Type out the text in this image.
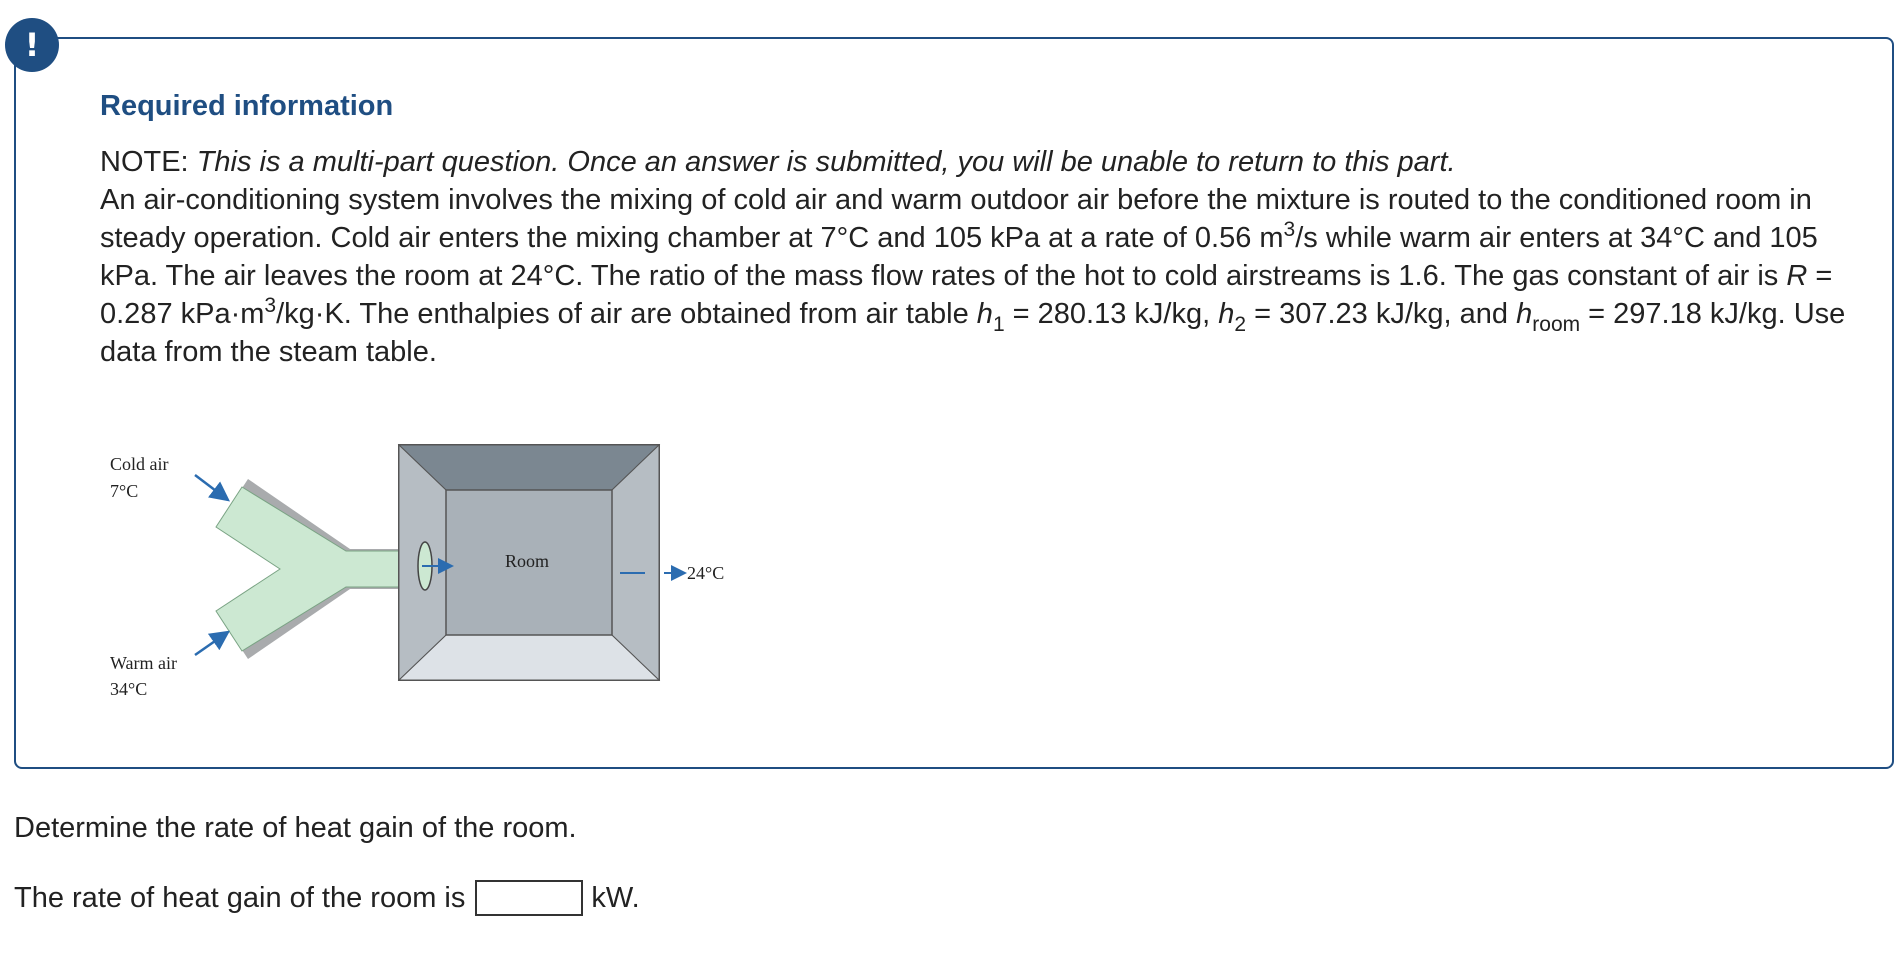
!
Required information

NOTE: This is a multi-part question. Once an answer is submitted, you will be unable to return to this part.

An air-conditioning system involves the mixing of cold air and warm outdoor air before the mixture is routed to the conditioned room in steady operation. Cold air enters the mixing chamber at 7°C and 105 kPa at a rate of 0.56 $m^3/s$ while warm air enters at 34°C and 105 kPa. The air leaves the room at 24°C. The ratio of the mass flow rates of the hot to cold airstreams is 1.6. The gas constant of air is R = 0.287 $kPa\cdot m^3/kg\cdot K$. The enthalpies of air are obtained from air table $h_1 = 280.13$ kJ/kg, $h_2 = 307.23$ kJ/kg, and $h_{room} = 297.18$ kJ/kg. Use data from the steam table.

Cold air
7°C
Warm air
34°C
Room
24°C
Determine the rate of heat gain of the room.
The rate of heat gain of the room is	kW.
